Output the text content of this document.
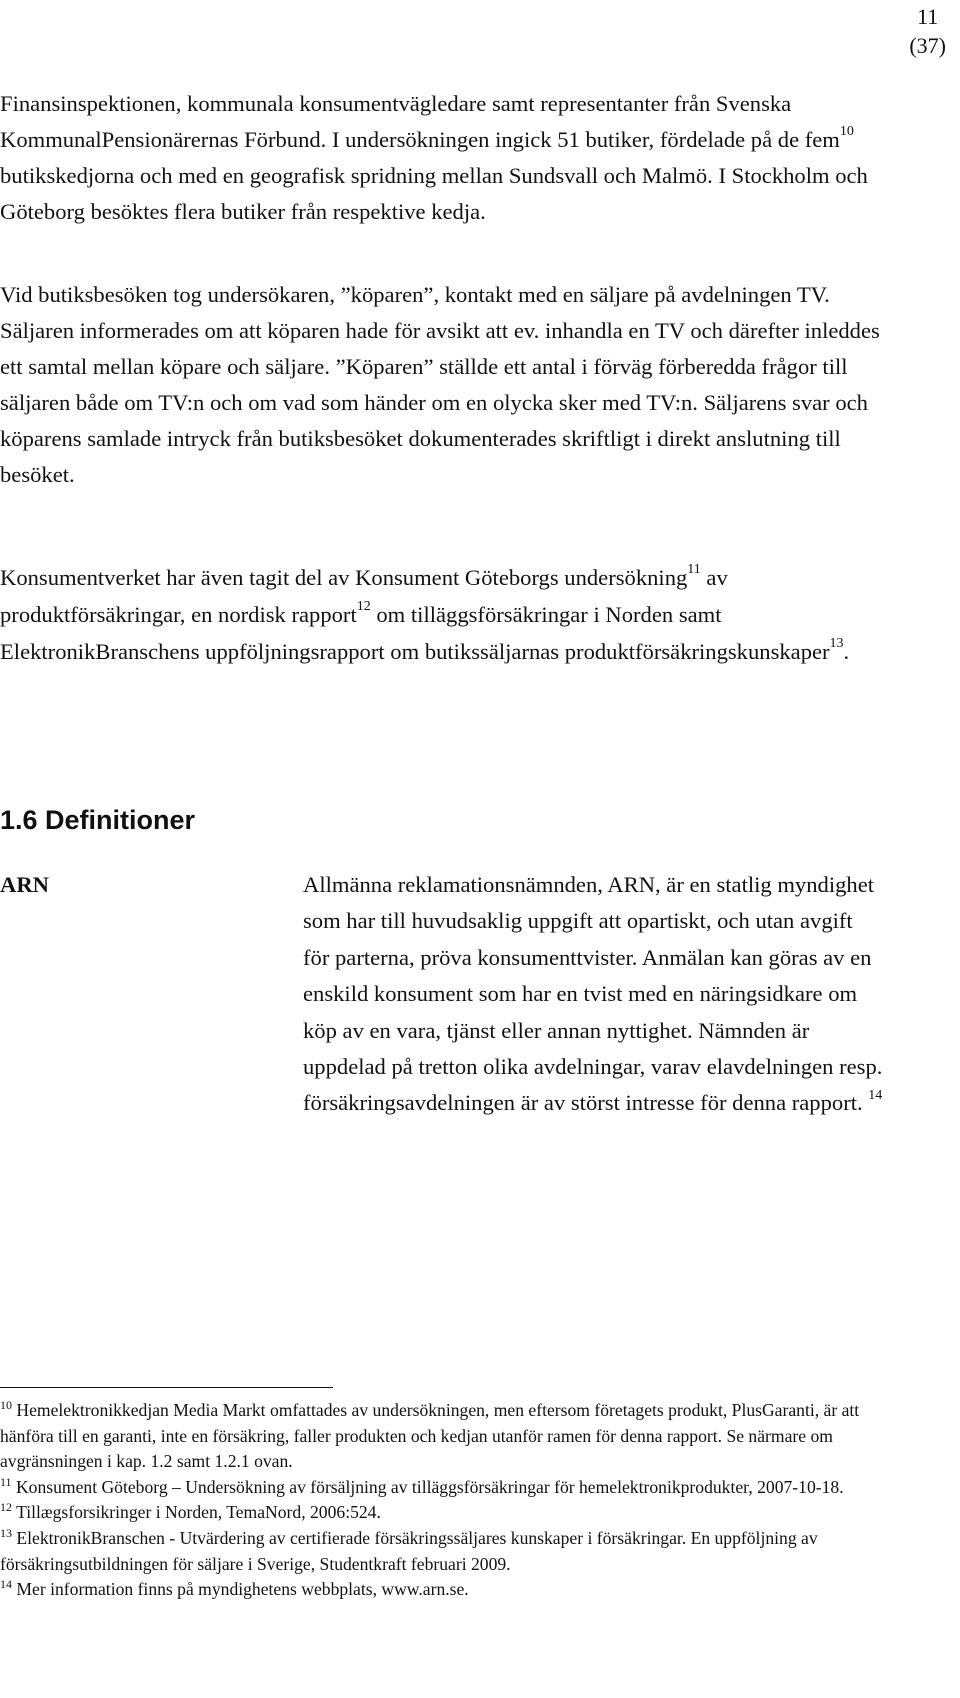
11
(37)

Finansinspektionen, kommunala konsumentvägledare samt representanter från Svenska KommunalPensionärernas Förbund. I undersökningen ingick 51 butiker, fördelade på de fem$^{10}$ butikskedjorna och med en geografisk spridning mellan Sundsvall och Malmö. I Stockholm och Göteborg besöktes flera butiker från respektive kedja.

Vid butiksbesöken tog undersökaren, ”köparen”, kontakt med en säljare på avdelningen TV. Säljaren informerades om att köparen hade för avsikt att ev. inhandla en TV och därefter inleddes ett samtal mellan köpare och säljare. ”Köparen” ställde ett antal i förväg förberedda frågor till säljaren både om TV:n och om vad som händer om en olycka sker med TV:n. Säljarens svar och köparens samlade intryck från butiksbesöket dokumenterades skriftligt i direkt anslutning till besöket.

Konsumentverket har även tagit del av Konsument Göteborgs undersökning$^{11}$ av produktförsäkringar, en nordisk rapport$^{12}$ om tilläggsförsäkringar i Norden samt ElektronikBranschens uppföljningsrapport om butikssäljarnas produktförsäkringskunskaper$^{13}$.

1.6 Definitioner
ARN	Allmänna reklamationsnämnden, ARN, är en statlig myndighet som har till huvudsaklig uppgift att opartiskt, och utan avgift för parterna, pröva konsumenttvister. Anmälan kan göras av en enskild konsument som har en tvist med en näringsidkare om köp av en vara, tjänst eller annan nyttighet. Nämnden är uppdelad på tretton olika avdelningar, varav elavdelningen resp. försäkringsavdelningen är av störst intresse för denna rapport. $^{14}$

$^{10}$ Hemelektronikkedjan Media Markt omfattades av undersökningen, men eftersom företagets produkt, PlusGaranti, är att hänföra till en garanti, inte en försäkring, faller produkten och kedjan utanför ramen för denna rapport. Se närmare om avgränsningen i kap. 1.2 samt 1.2.1 ovan.

$^{11}$ Konsument Göteborg – Undersökning av försäljning av tilläggsförsäkringar för hemelektronikprodukter, 2007-10-18.

$^{12}$ Tillægsforsikringer i Norden, TemaNord, 2006:524.

$^{13}$ ElektronikBranschen - Utvärdering av certifierade försäkringssäljares kunskaper i försäkringar. En uppföljning av försäkringsutbildningen för säljare i Sverige, Studentkraft februari 2009.

$^{14}$ Mer information finns på myndighetens webbplats, www.arn.se.
